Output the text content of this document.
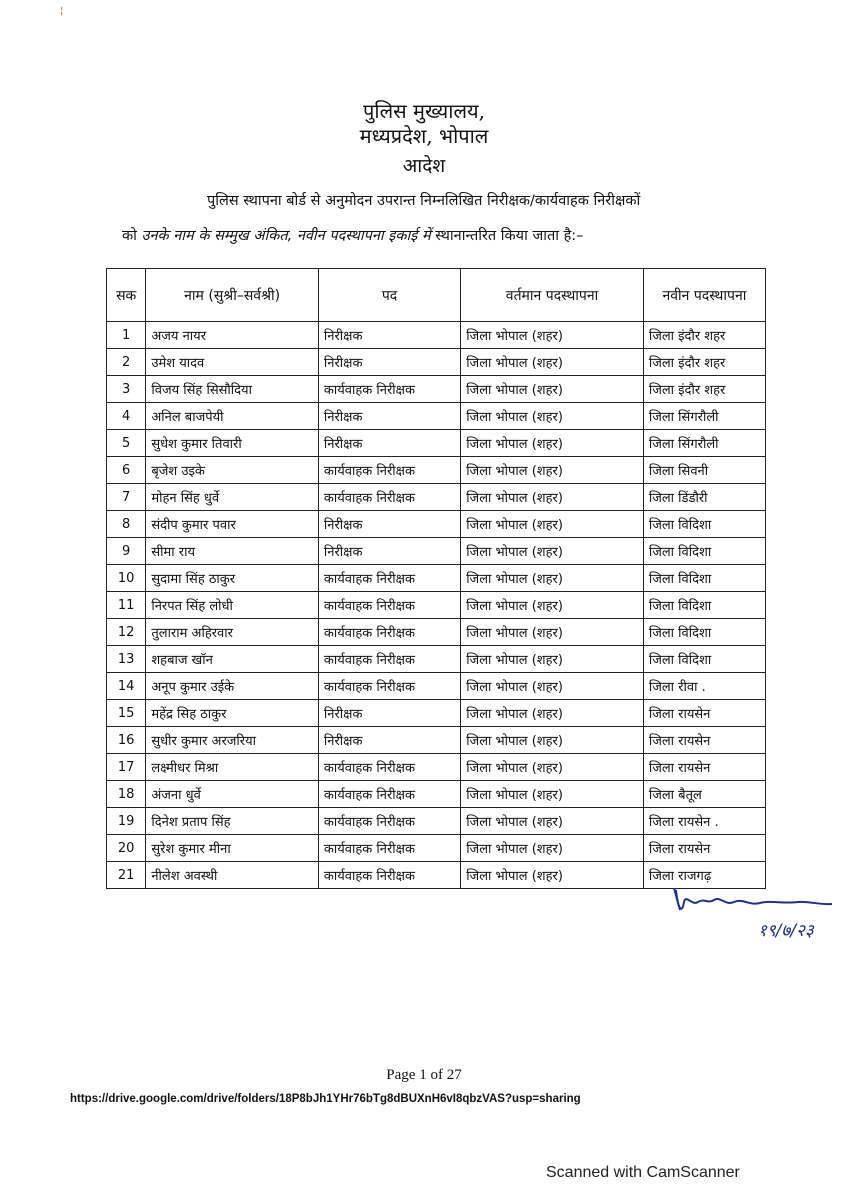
¦
पुलिस मुख्यालय,
मध्यप्रदेश, भोपाल
आदेश
पुलिस स्थापना बोर्ड से अनुमोदन उपरान्त निम्नलिखित निरीक्षक/कार्यवाहक निरीक्षकों
को उनके नाम के सम्मुख अंकित, नवीन पदस्थापना इकाई में स्थानान्तरित किया जाता है:–
सक	नाम (सुश्री–सर्वश्री)	पद	वर्तमान पदस्थापना	नवीन पदस्थापना
1	अजय नायर	निरीक्षक	जिला भोपाल (शहर)	जिला इंदौर शहर
2	उमेश यादव	निरीक्षक	जिला भोपाल (शहर)	जिला इंदौर शहर
3	विजय सिंह सिसौदिया	कार्यवाहक निरीक्षक	जिला भोपाल (शहर)	जिला इंदौर शहर
4	अनिल बाजपेयी	निरीक्षक	जिला भोपाल (शहर)	जिला सिंगरौली
5	सुधेश कुमार तिवारी	निरीक्षक	जिला भोपाल (शहर)	जिला सिंगरौली
6	बृजेश उइके	कार्यवाहक निरीक्षक	जिला भोपाल (शहर)	जिला सिवनी
7	मोहन सिंह धुर्वे	कार्यवाहक निरीक्षक	जिला भोपाल (शहर)	जिला डिंडौरी
8	संदीप कुमार पवार	निरीक्षक	जिला भोपाल (शहर)	जिला विदिशा
9	सीमा राय	निरीक्षक	जिला भोपाल (शहर)	जिला विदिशा
10	सुदामा सिंह ठाकुर	कार्यवाहक निरीक्षक	जिला भोपाल (शहर)	जिला विदिशा
11	निरपत सिंह लोधी	कार्यवाहक निरीक्षक	जिला भोपाल (शहर)	जिला विदिशा
12	तुलाराम अहिरवार	कार्यवाहक निरीक्षक	जिला भोपाल (शहर)	जिला विदिशा
13	शहबाज खॉन	कार्यवाहक निरीक्षक	जिला भोपाल (शहर)	जिला विदिशा
14	अनूप कुमार उईके	कार्यवाहक निरीक्षक	जिला भोपाल (शहर)	जिला रीवा .
15	महेंद्र सिह ठाकुर	निरीक्षक	जिला भोपाल (शहर)	जिला रायसेन
16	सुधीर कुमार अरजरिया	निरीक्षक	जिला भोपाल (शहर)	जिला रायसेन
17	लक्ष्मीधर मिश्रा	कार्यवाहक निरीक्षक	जिला भोपाल (शहर)	जिला रायसेन
18	अंजना धुर्वे	कार्यवाहक निरीक्षक	जिला भोपाल (शहर)	जिला बैतूल
19	दिनेश प्रताप सिंह	कार्यवाहक निरीक्षक	जिला भोपाल (शहर)	जिला रायसेन .
20	सुरेश कुमार मीना	कार्यवाहक निरीक्षक	जिला भोपाल (शहर)	जिला रायसेन
21	नीलेश अवस्थी	कार्यवाहक निरीक्षक	जिला भोपाल (शहर)	जिला राजगढ़
१९/७/२३
Page 1 of 27
https://drive.google.com/drive/folders/18P8bJh1YHr76bTg8dBUXnH6vI8qbzVAS?usp=sharing
Scanned with CamScanner
